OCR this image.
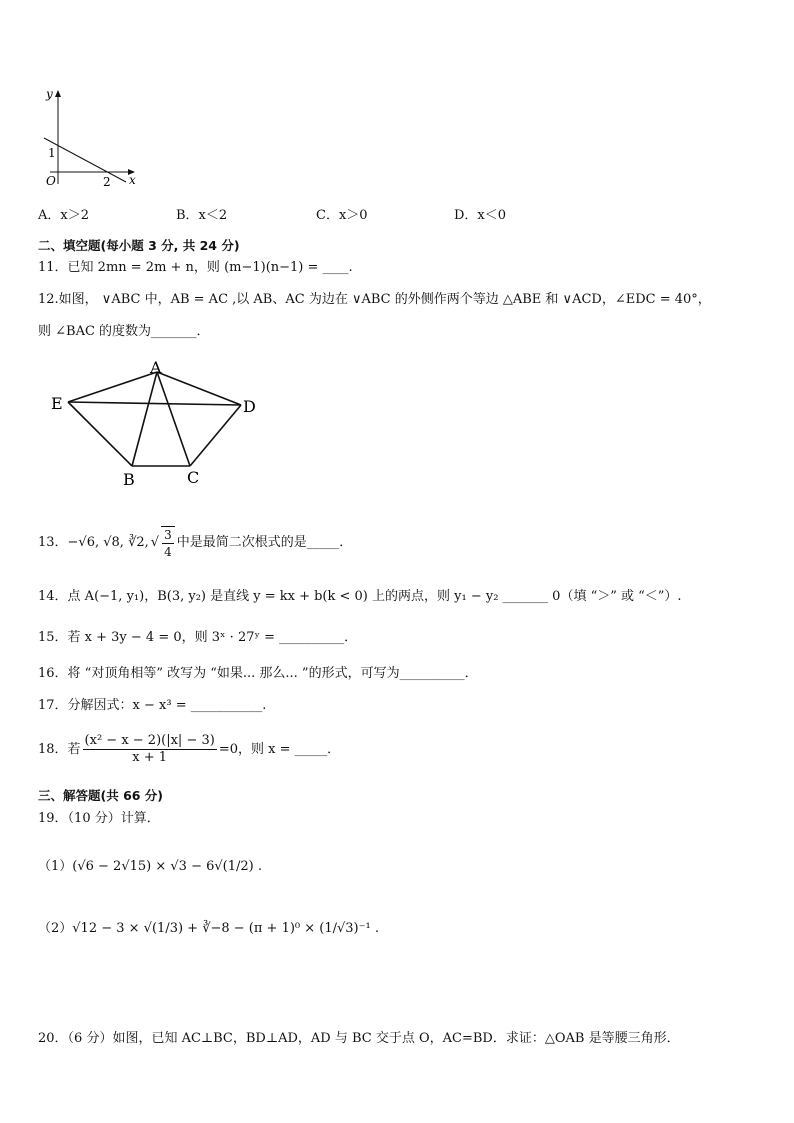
y
x
O
1
2
A．x＞2	B．x＜2	C．x＞0	D．x＜0
二、填空题(每小题 3 分, 共 24 分)
11．已知 2mn = 2m + n，则 (m−1)(n−1) = ____.
12.如图， ∨ABC 中，AB = AC ,以 AB、AC 为边在 ∨ABC 的外侧作两个等边 △ABE 和 ∨ACD，∠EDC = 40°，
则 ∠BAC 的度数为_______．
A
E	D
B	C
13．−√6, √8, ∛2, √ $\frac{3}{4}$ 中是最简二次根式的是_____．
14．点 A(−1, y₁)，B(3, y₂) 是直线 y = kx + b(k < 0) 上的两点，则 y₁ − y₂ _______ 0（填 “＞” 或 “＜”）.
15．若 x + 3y − 4 = 0，则 3ˣ · 27ʸ = __________．
16．将 “对顶角相等” 改写为 “如果... 那么... ”的形式，可写为__________．
17．分解因式：x − x³ = ___________.
18．若 $\frac{\text{(x² − x − 2)(|x| − 3)}}{x + 1} =0$，则 x = _____．
三、解答题(共 66 分)
19．（10 分）计算．
（1）(√6 − 2√15) × √3 − 6√(1/2) .
（2）√12 − 3 × √(1/3) + ∛−8 − (π + 1)⁰ × (1/√3)⁻¹ .
20．（6 分）如图，已知 AC⊥BC，BD⊥AD，AD 与 BC 交于点 O，AC=BD．求证：△OAB 是等腰三角形．
